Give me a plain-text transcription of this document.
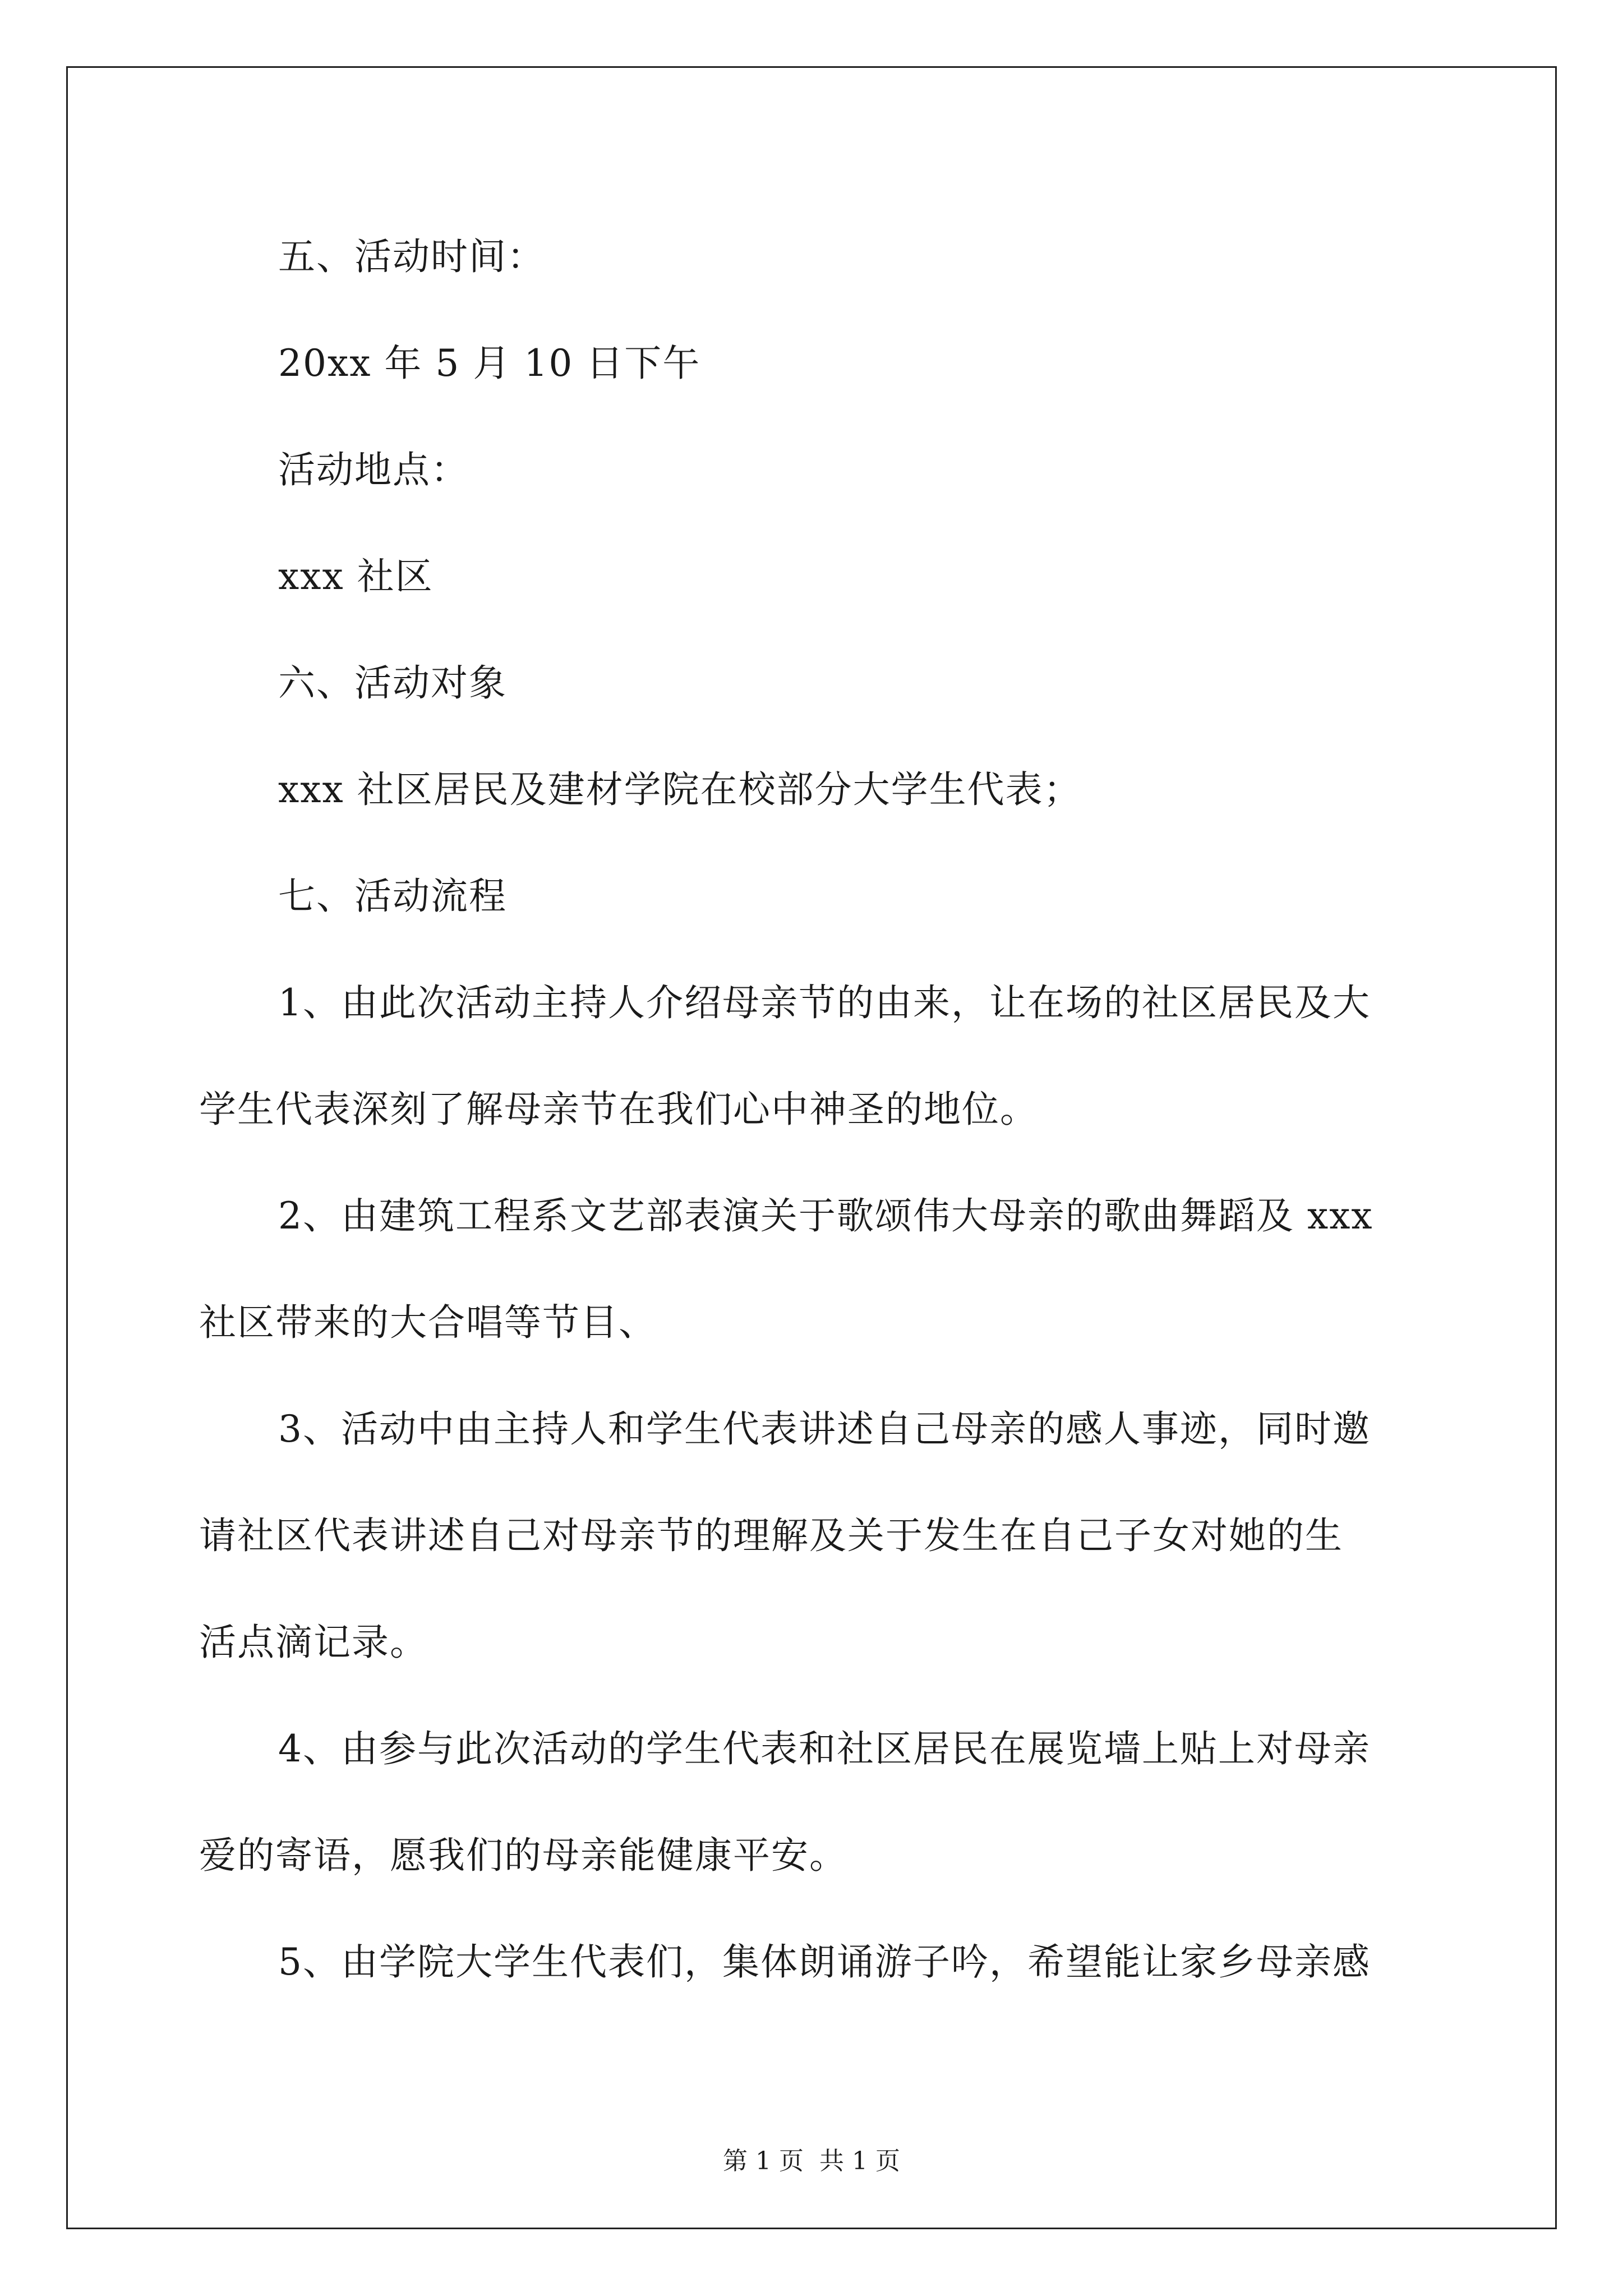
五、活动时间：
20xx 年 5 月 10 日下午
活动地点：
xxx 社区
六、活动对象
xxx 社区居民及建材学院在校部分大学生代表；
七、活动流程
1、由此次活动主持人介绍母亲节的由来，让在场的社区居民及大
学生代表深刻了解母亲节在我们心中神圣的地位。
2、由建筑工程系文艺部表演关于歌颂伟大母亲的歌曲舞蹈及 xxx
社区带来的大合唱等节目、
3、活动中由主持人和学生代表讲述自己母亲的感人事迹，同时邀
请社区代表讲述自己对母亲节的理解及关于发生在自己子女对她的生
活点滴记录。
4、由参与此次活动的学生代表和社区居民在展览墙上贴上对母亲
爱的寄语，愿我们的母亲能健康平安。
5、由学院大学生代表们，集体朗诵游子吟，希望能让家乡母亲感
第 1 页 共 1 页
